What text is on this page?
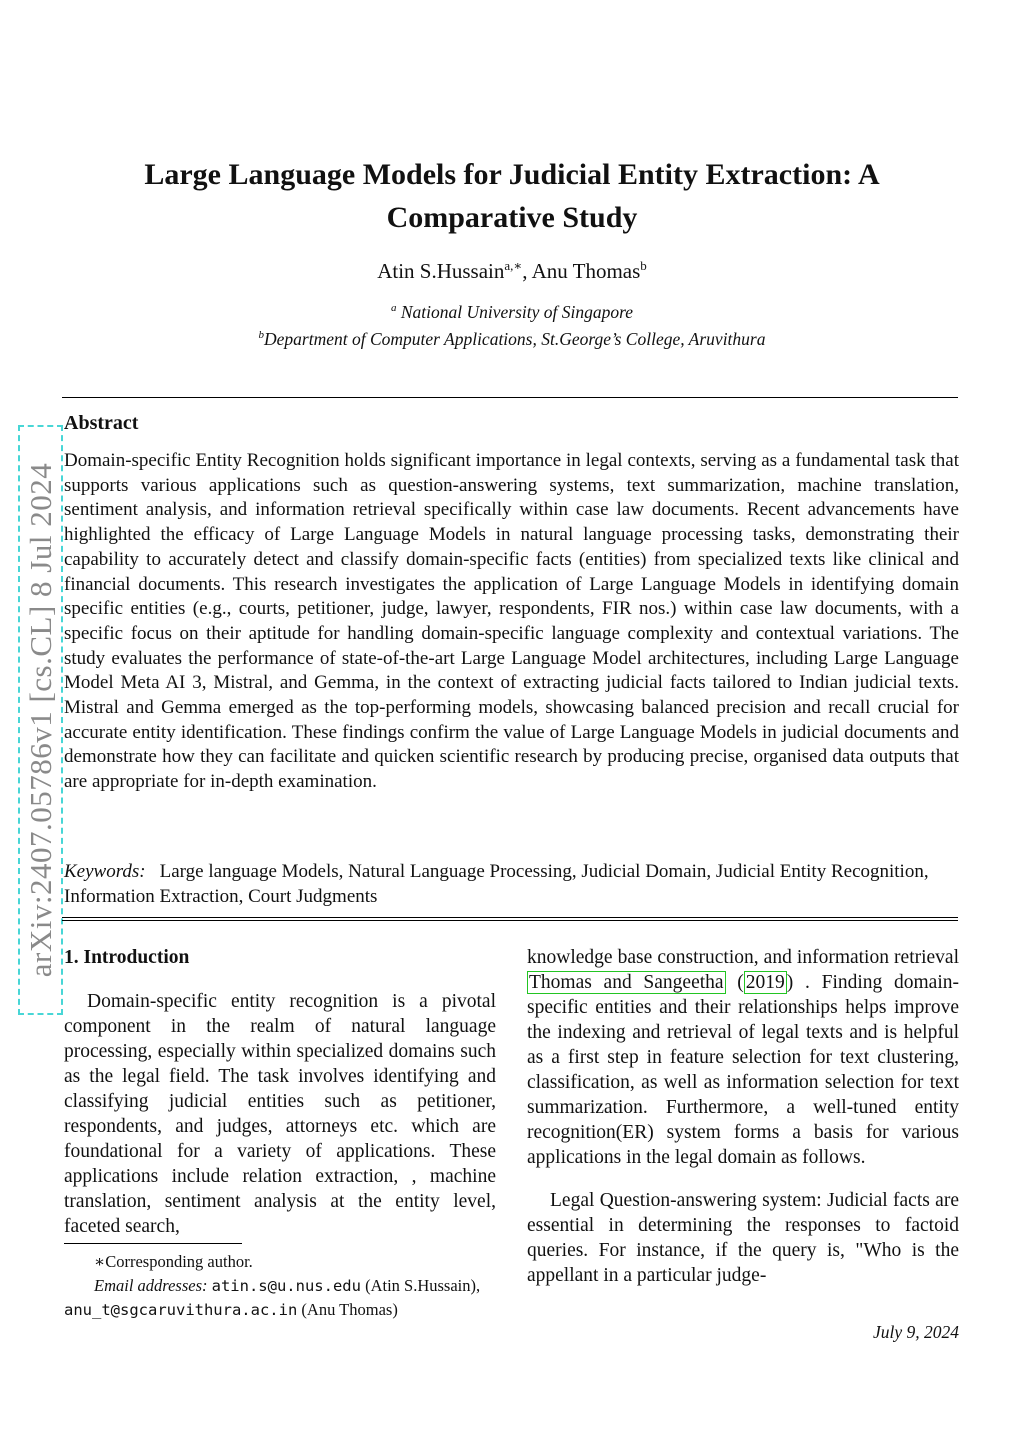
arXiv:2407.05786v1 [cs.CL] 8 Jul 2024
Large Language Models for Judicial Entity Extraction: A
Comparative Study
Atin S.Hussain$^{a,∗}$, Anu Thomas$^b$
$^a$ National University of Singapore
$^b$Department of Computer Applications, St.George’s College, Aruvithura
Abstract
Domain-specific Entity Recognition holds significant importance in legal contexts, serving as a fundamental task that supports various applications such as question-answering systems, text summarization, machine translation, sentiment analysis, and information retrieval specifically within case law documents. Recent advancements have highlighted the efficacy of Large Language Models in natural language processing tasks, demonstrating their capability to accurately detect and classify domain-specific facts (entities) from specialized texts like clinical and financial documents. This research investigates the application of Large Language Models in identifying domain specific entities (e.g., courts, petitioner, judge, lawyer, respondents, FIR nos.) within case law documents, with a specific focus on their aptitude for handling domain-specific language complexity and contextual variations. The study evaluates the performance of state-of-the-art Large Language Model architectures, including Large Language Model Meta AI 3, Mistral, and Gemma, in the context of extracting judicial facts tailored to Indian judicial texts. Mistral and Gemma emerged as the top-performing models, showcasing balanced precision and recall crucial for accurate entity identification. These findings confirm the value of Large Language Models in judicial documents and demonstrate how they can facilitate and quicken scientific research by producing precise, organised data outputs that are appropriate for in-depth examination.
Keywords: Large language Models, Natural Language Processing, Judicial Domain, Judicial Entity Recognition, Information Extraction, Court Judgments
1. Introduction
Domain-specific entity recognition is a pivotal component in the realm of natural language processing, especially within specialized domains such as the legal field. The task involves identifying and classifying judicial entities such as petitioner, respondents, and judges, attorneys etc. which are foundational for a variety of applications. These applications include relation extraction, , machine translation, sentiment analysis at the entity level, faceted search,
knowledge base construction, and information retrieval Thomas and Sangeetha ( 2019 ) . Finding domain-specific entities and their relationships helps improve the indexing and retrieval of legal texts and is helpful as a first step in feature selection for text clustering, classification, as well as information selection for text summarization. Furthermore, a well-tuned entity recognition(ER) system forms a basis for various applications in the legal domain as follows.
Legal Question-answering system: Judicial facts are essential in determining the responses to factoid queries. For instance, if the query is, "Who is the appellant in a particular judge-
∗Corresponding author.
Email addresses: atin.s@u.nus.edu (Atin S.Hussain), anu_t@sgcaruvithura.ac.in (Anu Thomas)
July 9, 2024
